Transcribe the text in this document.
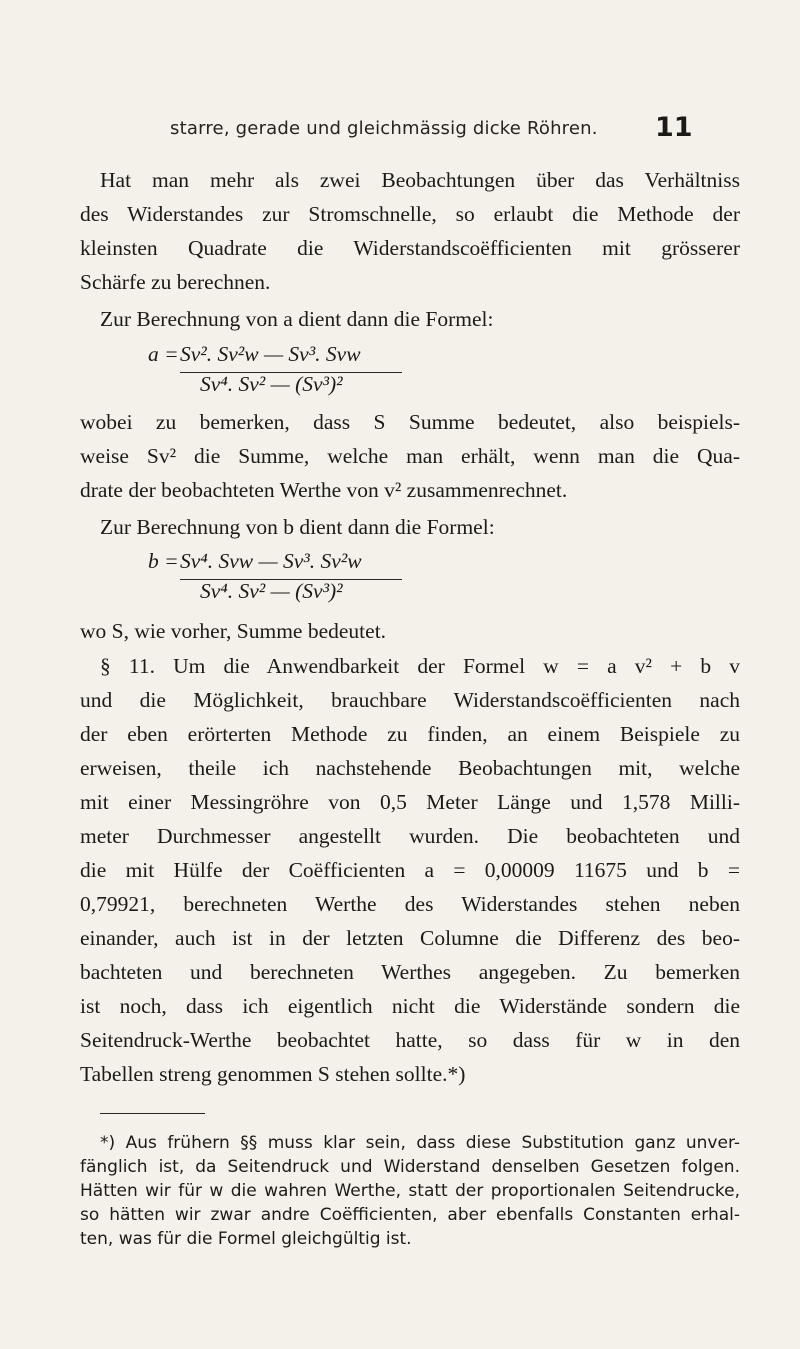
starre, gerade und gleichmässig dicke Röhren. 11
Hat man mehr als zwei Beobachtungen über das Verhältniss
des Widerstandes zur Stromschnelle, so erlaubt die Methode der
kleinsten Quadrate die Widerstandscoëfficienten mit grösserer
Schärfe zu berechnen.
Zur Berechnung von a dient dann die Formel:
a = Sv². Sv²w — Sv³. Svw
Sv⁴. Sv² — (Sv³)²
wobei zu bemerken, dass S Summe bedeutet, also beispiels-
weise Sv² die Summe, welche man erhält, wenn man die Qua-
drate der beobachteten Werthe von v² zusammenrechnet.
Zur Berechnung von b dient dann die Formel:
b = Sv⁴. Svw — Sv³. Sv²w
Sv⁴. Sv² — (Sv³)²
wo S, wie vorher, Summe bedeutet.
§ 11. Um die Anwendbarkeit der Formel w = a v² + b v
und die Möglichkeit, brauchbare Widerstandscoëfficienten nach
der eben erörterten Methode zu finden, an einem Beispiele zu
erweisen, theile ich nachstehende Beobachtungen mit, welche
mit einer Messingröhre von 0,5 Meter Länge und 1,578 Milli-
meter Durchmesser angestellt wurden. Die beobachteten und
die mit Hülfe der Coëfficienten a = 0,00009 11675 und b =
0,79921, berechneten Werthe des Widerstandes stehen neben
einander, auch ist in der letzten Columne die Differenz des beo-
bachteten und berechneten Werthes angegeben. Zu bemerken
ist noch, dass ich eigentlich nicht die Widerstände sondern die
Seitendruck-Werthe beobachtet hatte, so dass für w in den
Tabellen streng genommen S stehen sollte.*)
*) Aus frühern §§ muss klar sein, dass diese Substitution ganz unver-
fänglich ist, da Seitendruck und Widerstand denselben Gesetzen folgen.
Hätten wir für w die wahren Werthe, statt der proportionalen Seitendrucke,
so hätten wir zwar andre Coëfficienten, aber ebenfalls Constanten erhal-
ten, was für die Formel gleichgültig ist.
